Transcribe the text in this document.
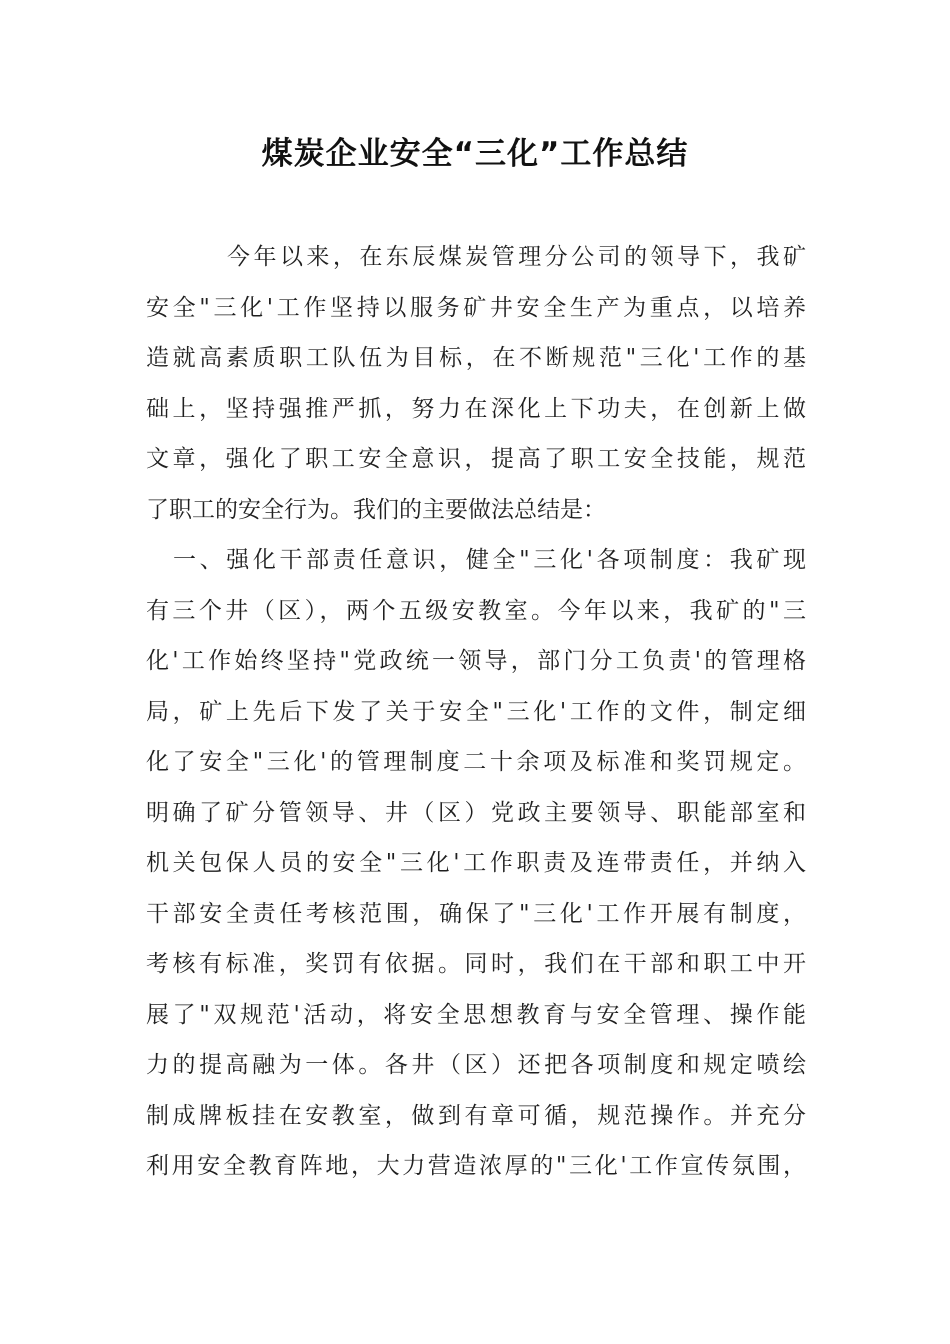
煤炭企业安全“三化”工作总结
今年以来，在东辰煤炭管理分公司的领导下，我矿
安全"三化'工作坚持以服务矿井安全生产为重点，以培养
造就高素质职工队伍为目标，在不断规范"三化'工作的基
础上，坚持强推严抓，努力在深化上下功夫，在创新上做
文章，强化了职工安全意识，提高了职工安全技能，规范
了职工的安全行为。我们的主要做法总结是：
一、强化干部责任意识，健全"三化'各项制度：我矿现
有三个井（区），两个五级安教室。今年以来，我矿的"三
化'工作始终坚持"党政统一领导，部门分工负责'的管理格
局，矿上先后下发了关于安全"三化'工作的文件，制定细
化了安全"三化'的管理制度二十余项及标准和奖罚规定。
明确了矿分管领导、井（区）党政主要领导、职能部室和
机关包保人员的安全"三化'工作职责及连带责任，并纳入
干部安全责任考核范围，确保了"三化'工作开展有制度，
考核有标准，奖罚有依据。同时，我们在干部和职工中开
展了"双规范'活动，将安全思想教育与安全管理、操作能
力的提高融为一体。各井（区）还把各项制度和规定喷绘
制成牌板挂在安教室，做到有章可循，规范操作。并充分
利用安全教育阵地，大力营造浓厚的"三化'工作宣传氛围，
